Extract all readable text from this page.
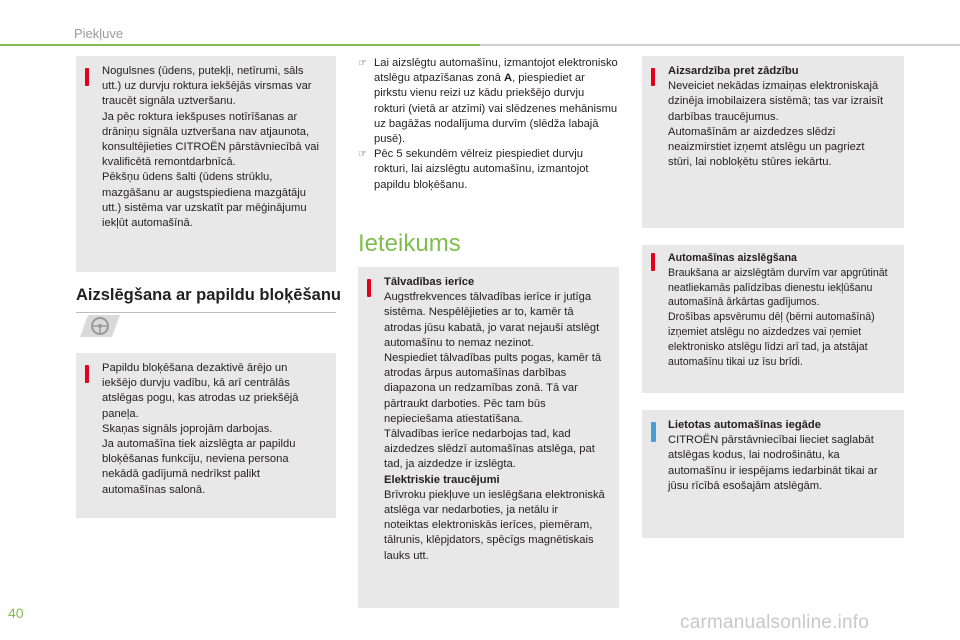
Piekļuve
Nogulsnes (ūdens, putekļi, netīrumi, sāls utt.) uz durvju roktura iekšējās virsmas var traucēt signāla uztveršanu.
Ja pēc roktura iekšpuses notīrīšanas ar drāniņu signāla uztveršana nav atjaunota, konsultējieties CITROËN pārstāvniecībā vai kvalificētā remontdarbnīcā.
Pēkšņu ūdens šalti (ūdens strūklu, mazgāšanu ar augstspiediena mazgātāju utt.) sistēma var uzskatīt par mēģinājumu iekļūt automašīnā.
Aizslēgšana ar papildu bloķēšanu
Papildu bloķēšana dezaktivē ārējo un iekšējo durvju vadību, kā arī centrālās atslēgas pogu, kas atrodas uz priekšējā paneļa.
Skaņas signāls joprojām darbojas.
Ja automašīna tiek aizslēgta ar papildu bloķēšanas funkciju, neviena persona nekādā gadījumā nedrīkst palikt automašīnas salonā.
☞ Lai aizslēgtu automašīnu, izmantojot elektronisko atslēgu atpazīšanas zonā A, piespiediet ar pirkstu vienu reizi uz kādu priekšējo durvju rokturi (vietā ar atzīmi) vai slēdzenes mehānismu uz bagāžas nodalījuma durvīm (slēdža labajā pusē).
☞ Pēc 5 sekundēm vēlreiz piespiediet durvju rokturi, lai aizslēgtu automašīnu, izmantojot papildu bloķēšanu.
Ieteikums
Tālvadības ierīce
Augstfrekvences tālvadības ierīce ir jutīga sistēma. Nespēlējieties ar to, kamēr tā atrodas jūsu kabatā, jo varat nejauši atslēgt automašīnu to nemaz nezinot.
Nespiediet tālvadības pults pogas, kamēr tā atrodas ārpus automašīnas darbības diapazona un redzamības zonā. Tā var pārtraukt darboties. Pēc tam būs nepieciešama atiestatīšana.
Tālvadības ierīce nedarbojas tad, kad aizdedzes slēdzī automašīnas atslēga, pat tad, ja aizdedze ir izslēgta.
Elektriskie traucējumi
Brīvroku piekļuve un ieslēgšana elektroniskā atslēga var nedarboties, ja netālu ir noteiktas elektroniskās ierīces, piemēram, tālrunis, klēpjdators, spēcīgs magnētiskais lauks utt.
Aizsardzība pret zādzību
Neveiciet nekādas izmaiņas elektroniskajā dzinēja imobilaizera sistēmā; tas var izraisīt darbības traucējumus.
Automašīnām ar aizdedzes slēdzi neaizmirstiet izņemt atslēgu un pagriezt stūri, lai nobloķētu stūres iekārtu.
Automašīnas aizslēgšana
Braukšana ar aizslēgtām durvīm var apgrūtināt neatliekamās palīdzības dienestu iekļūšanu automašīnā ārkārtas gadījumos.
Drošības apsvērumu dēļ (bērni automašīnā) izņemiet atslēgu no aizdedzes vai ņemiet elektronisko atslēgu līdzi arī tad, ja atstājat automašīnu tikai uz īsu brīdi.
Lietotas automašīnas iegāde
CITROËN pārstāvniecībai lieciet saglabāt atslēgas kodus, lai nodrošinātu, ka automašīnu ir iespējams iedarbināt tikai ar jūsu rīcībā esošajām atslēgām.
40	carmanualsonline.info
